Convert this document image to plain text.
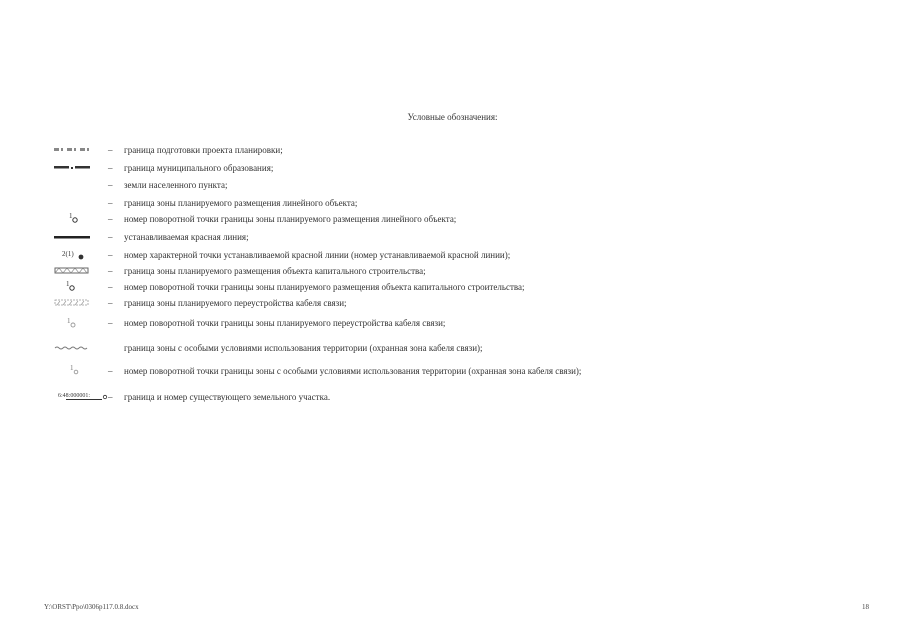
Условные обозначения:
– граница подготовки проекта планировки;
– граница муниципального образования;
– земли населенного пункта;
– граница зоны планируемого размещения линейного объекта;
1	– номер поворотной точки границы зоны планируемого размещения линейного объекта;
– устанавливаемая красная линия;
2(1)	– номер характерной точки устанавливаемой красной линии (номер устанавливаемой красной линии);
– граница зоны планируемого размещения объекта капитального строительства;
1	– номер поворотной точки границы зоны планируемого размещения объекта капитального строительства;
– граница зоны планируемого переустройства кабеля связи;
1	– номер поворотной точки границы зоны планируемого переустройства кабеля связи;
граница зоны с особыми условиями использования территории (охранная зона кабеля связи);
1	– номер поворотной точки границы зоны с особыми условиями использования территории (охранная зона кабеля связи);
6:48:000001: – граница и номер существующего земельного участка.
Y:\ORST\Ppo\0306p117.0.8.docx	18
